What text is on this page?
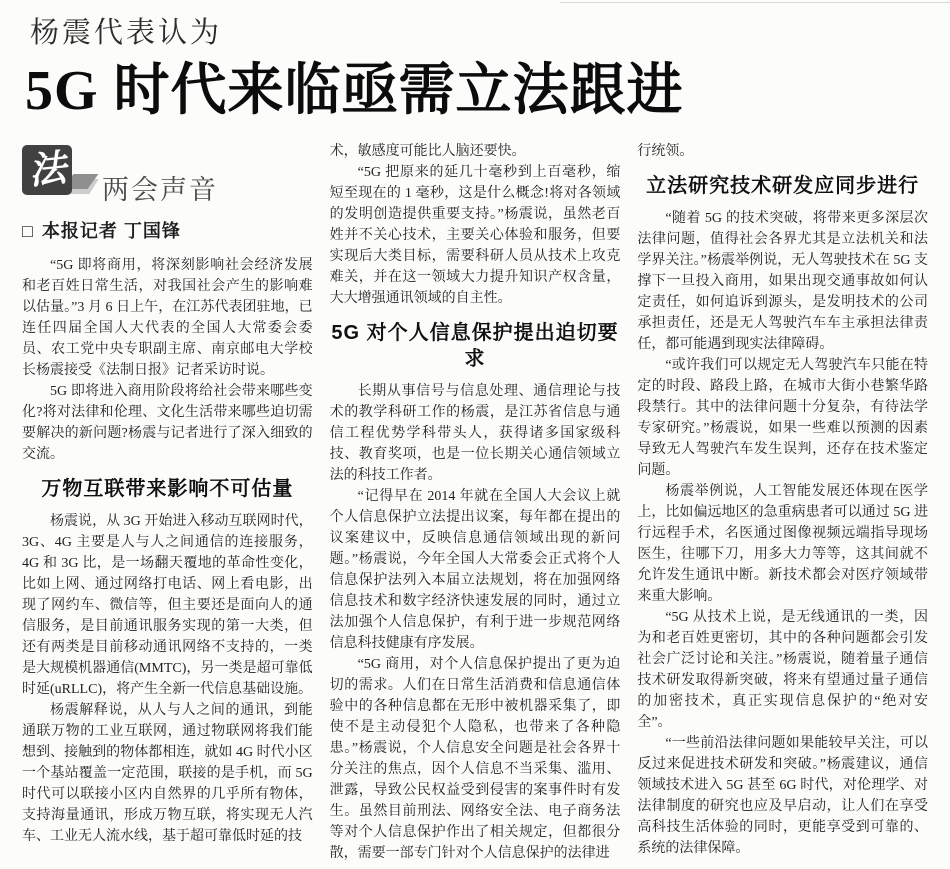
杨震代表认为
5G 时代来临亟需立法跟进
法 两会声音
□ 本报记者 丁国锋

“5G 即将商用，将深刻影响社会经济发展和老百姓日常生活，对我国社会产生的影响难以估量。”3 月 6 日上午，在江苏代表团驻地，已连任四届全国人大代表的全国人大常委会委员、农工党中央专职副主席、南京邮电大学校长杨震接受《法制日报》记者采访时说。

5G 即将进入商用阶段将给社会带来哪些变化?将对法律和伦理、文化生活带来哪些迫切需要解决的新问题?杨震与记者进行了深入细致的交流。

万物互联带来影响不可估量

杨震说，从 3G 开始进入移动互联网时代，3G、4G 主要是人与人之间通信的连接服务，4G 和 3G 比，是一场翻天覆地的革命性变化，比如上网、通过网络打电话、网上看电影，出现了网约车、微信等，但主要还是面向人的通信服务，是目前通讯服务实现的第一大类，但还有两类是目前移动通讯网络不支持的，一类是大规模机器通信(MMTC)，另一类是超可靠低时延(uRLLC)，将产生全新一代信息基础设施。

杨震解释说，从人与人之间的通讯，到能通联万物的工业互联网，通过物联网将我们能想到、接触到的物体都相连，就如 4G 时代小区一个基站覆盖一定范围，联接的是手机，而 5G 时代可以联接小区内自然界的几乎所有物体，支持海量通讯，形成万物互联，将实现无人汽车、工业无人流水线，基于超可靠低时延的技

术，敏感度可能比人脑还要快。

“5G 把原来的延几十毫秒到上百毫秒，缩短至现在的 1 毫秒，这是什么概念!将对各领域的发明创造提供重要支持。”杨震说，虽然老百姓并不关心技术，主要关心体验和服务，但要实现后大类目标，需要科研人员从技术上攻克难关，并在这一领域大力提升知识产权含量，大大增强通讯领域的自主性。

5G 对个人信息保护提出迫切要求

长期从事信号与信息处理、通信理论与技术的教学科研工作的杨震，是江苏省信息与通信工程优势学科带头人，获得诸多国家级科技、教育奖项，也是一位长期关心通信领域立法的科技工作者。

“记得早在 2014 年就在全国人大会议上就个人信息保护立法提出议案，每年都在提出的议案建议中，反映信息通信领域出现的新问题。”杨震说，今年全国人大常委会正式将个人信息保护法列入本届立法规划，将在加强网络信息技术和数字经济快速发展的同时，通过立法加强个人信息保护，有利于进一步规范网络信息科技健康有序发展。

“5G 商用，对个人信息保护提出了更为迫切的需求。人们在日常生活消费和信息通信体验中的各种信息都在无形中被机器采集了，即使不是主动侵犯个人隐私，也带来了各种隐患。”杨震说，个人信息安全问题是社会各界十分关注的焦点，因个人信息不当采集、滥用、泄露，导致公民权益受到侵害的案事件时有发生。虽然目前刑法、网络安全法、电子商务法等对个人信息保护作出了相关规定，但都很分散，需要一部专门针对个人信息保护的法律进

行统领。

立法研究技术研发应同步进行

“随着 5G 的技术突破，将带来更多深层次法律问题，值得社会各界尤其是立法机关和法学界关注。”杨震举例说，无人驾驶技术在 5G 支撑下一旦投入商用，如果出现交通事故如何认定责任，如何追诉到源头，是发明技术的公司承担责任，还是无人驾驶汽车车主承担法律责任，都可能遇到现实法律障碍。

“或许我们可以规定无人驾驶汽车只能在特定的时段、路段上路，在城市大街小巷繁华路段禁行。其中的法律问题十分复杂，有待法学专家研究。”杨震说，如果一些难以预测的因素导致无人驾驶汽车发生误判，还存在技术鉴定问题。

杨震举例说，人工智能发展还体现在医学上，比如偏远地区的急重病患者可以通过 5G 进行远程手术，名医通过图像视频远端指导现场医生，往哪下刀，用多大力等等，这其间就不允许发生通讯中断。新技术都会对医疗领域带来重大影响。

“5G 从技术上说，是无线通讯的一类，因为和老百姓更密切，其中的各种问题都会引发社会广泛讨论和关注。”杨震说，随着量子通信技术研发取得新突破，将来有望通过量子通信的加密技术，真正实现信息保护的“绝对安全”。

“一些前沿法律问题如果能较早关注，可以反过来促进技术研发和突破。”杨震建议，通信领域技术进入 5G 甚至 6G 时代，对伦理学、对法律制度的研究也应及早启动，让人们在享受高科技生活体验的同时，更能享受到可靠的、系统的法律保障。
